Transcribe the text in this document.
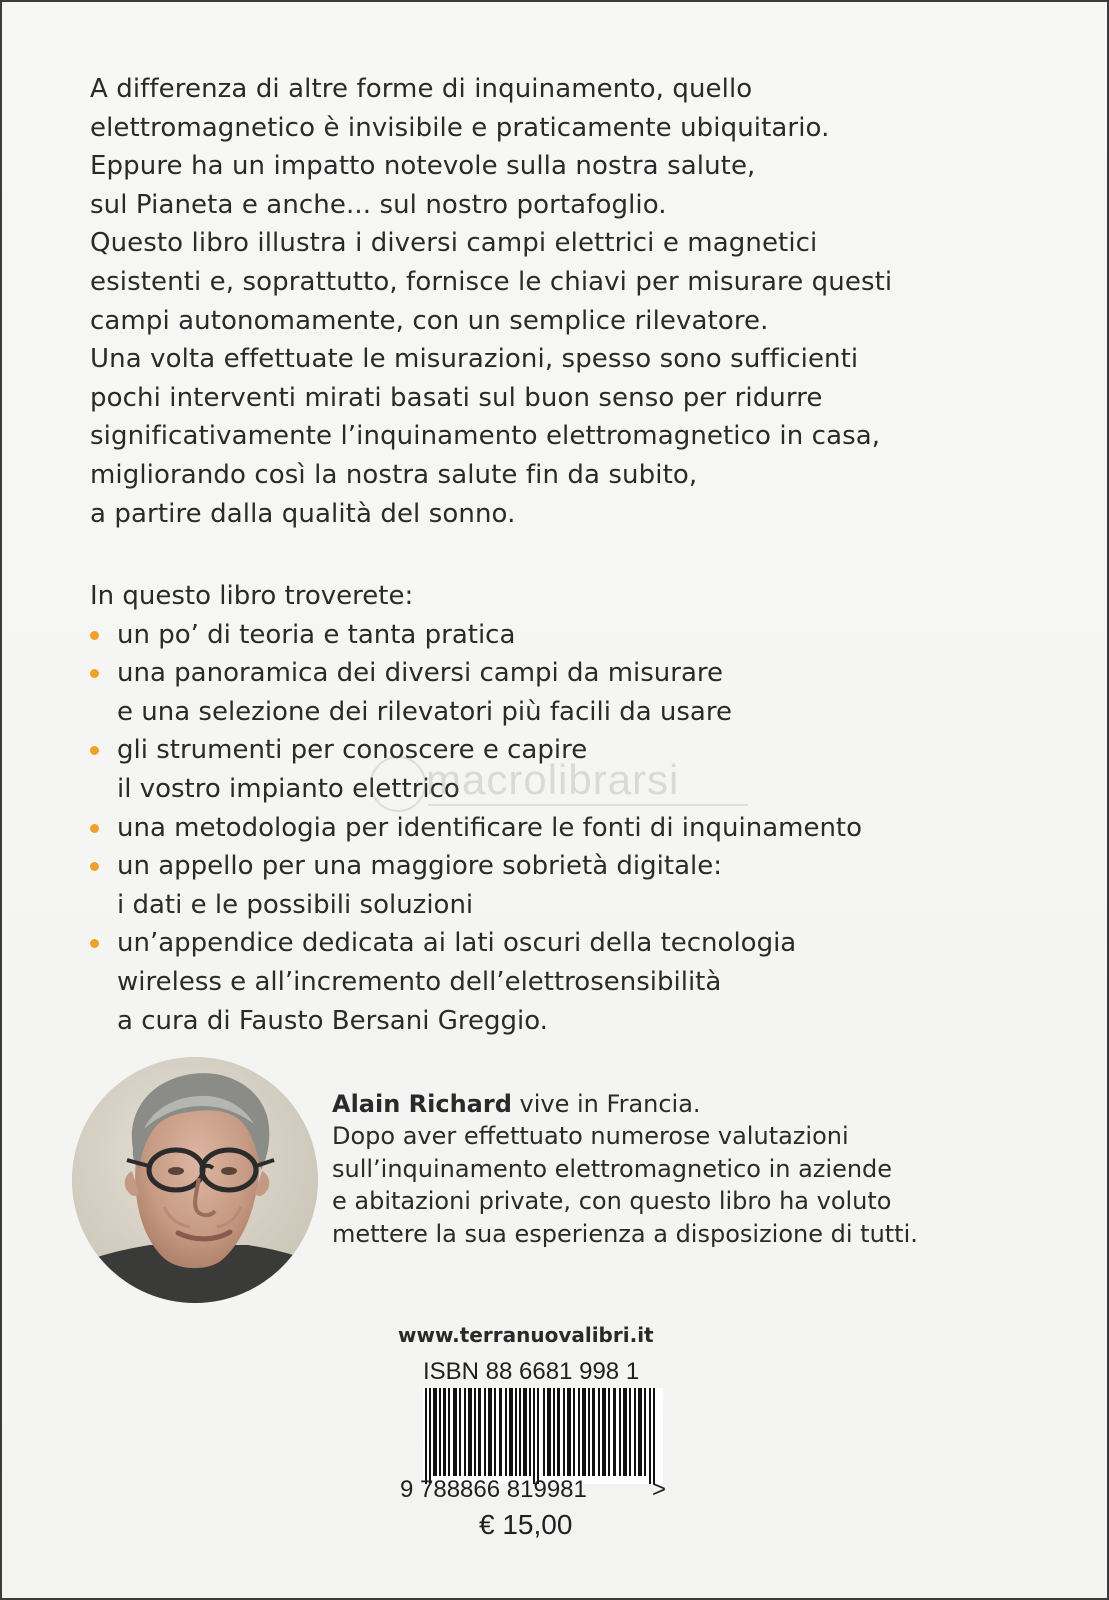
A differenza di altre forme di inquinamento, quello
elettromagnetico è invisibile e praticamente ubiquitario.
Eppure ha un impatto notevole sulla nostra salute,
sul Pianeta e anche... sul nostro portafoglio.
Questo libro illustra i diversi campi elettrici e magnetici
esistenti e, soprattutto, fornisce le chiavi per misurare questi
campi autonomamente, con un semplice rilevatore.
Una volta effettuate le misurazioni, spesso sono sufficienti
pochi interventi mirati basati sul buon senso per ridurre
significativamente l’inquinamento elettromagnetico in casa,
migliorando così la nostra salute fin da subito,
a partire dalla qualità del sonno.
In questo libro troverete:
un po’ di teoria e tanta pratica
una panoramica dei diversi campi da misurare
e una selezione dei rilevatori più facili da usare
gli strumenti per conoscere e capire
il vostro impianto elettrico
una metodologia per identificare le fonti di inquinamento
un appello per una maggiore sobrietà digitale:
i dati e le possibili soluzioni
un’appendice dedicata ai lati oscuri della tecnologia
wireless e all’incremento dell’elettrosensibilità
a cura di Fausto Bersani Greggio.
macrolibrarsi
Alain Richard vive in Francia.
Dopo aver effettuato numerose valutazioni
sull’inquinamento elettromagnetico in aziende
e abitazioni private, con questo libro ha voluto
mettere la sua esperienza a disposizione di tutti.
www.terranuovalibri.it
ISBN 88 6681 998 1
9 788866 819981	>
€ 15,00
